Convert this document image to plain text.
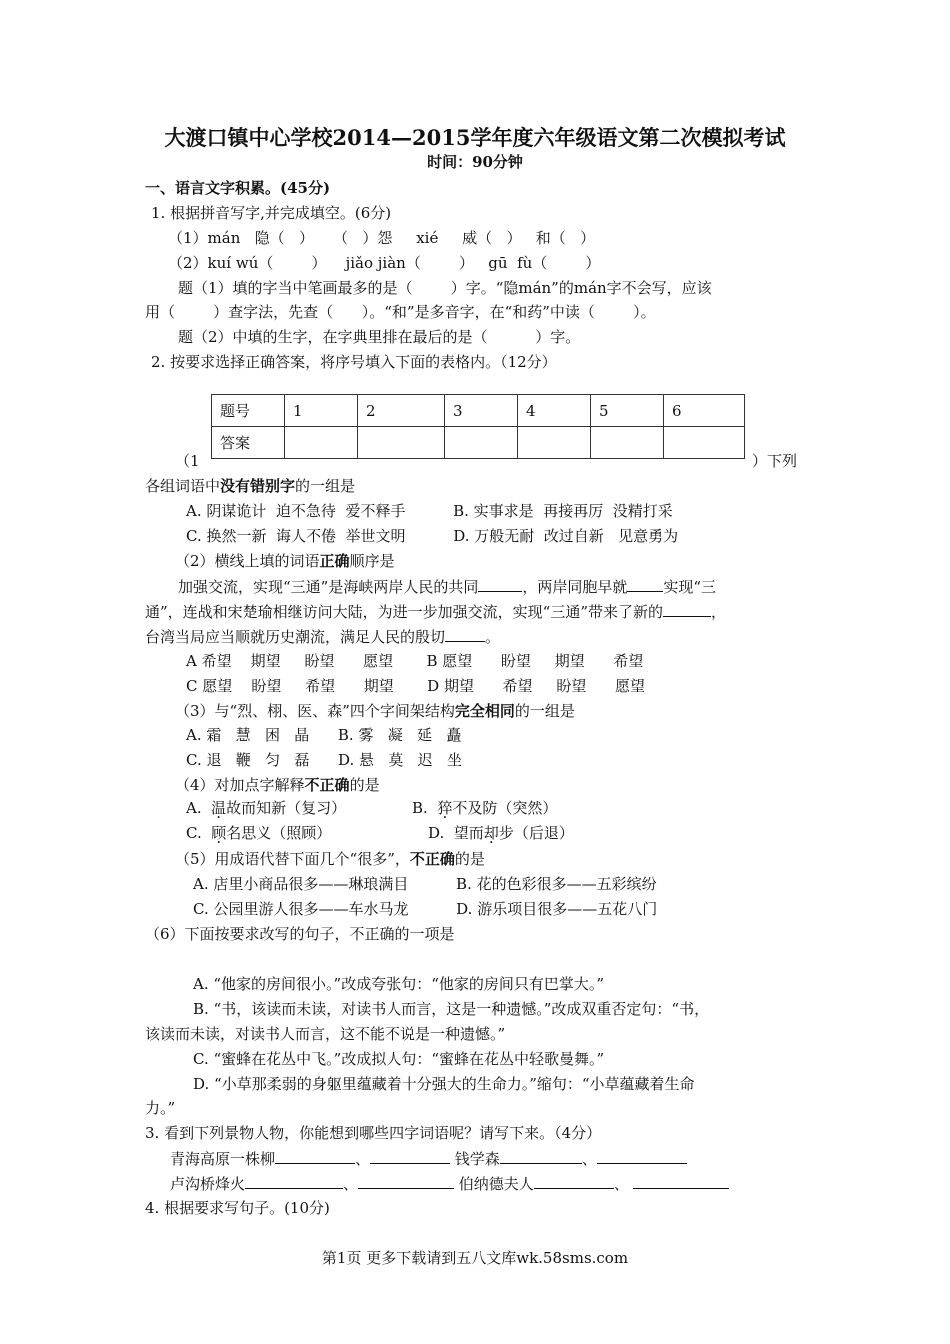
大渡口镇中心学校2014—2015学年度六年级语文第二次模拟考试
时间：90分钟
一、语言文字积累。(45分)
1. 根据拼音写字,并完成填空。(6分)
（1）mán   隐（   ）    （   ）怨     xié     威（   ）   和（   ）
（2）kuí wú（        ）    jiǎo jiàn（        ）   gū  fù（        ）
题（1）填的字当中笔画最多的是（        ）字。“隐mán”的mán字不会写，应该
用（        ）查字法，先查（      ）。“和”是多音字，在“和药”中读（        ）。
题（2）中填的生字，在字典里排在最后的是（          ）字。
2. 按要求选择正确答案，将序号填入下面的表格内。（12分）
题号	1	2	3	4	5	6
答案						
（1	）下列
各组词语中没有错别字的一组是
A. 阴谋诡计  迫不急待  爱不释手          B. 实事求是  再接再厉  没精打采
C. 换然一新  诲人不倦  举世文明          D. 万般无耐  改过自新   见意勇为
（2）横线上填的词语正确顺序是
加强交流，实现“三通”是海峡两岸人民的共同	，两岸同胞早就 实现“三
通”，连战和宋楚瑜相继访问大陆，为进一步加强交流，实现“三通”带来了新的	，
台湾当局应当顺就历史潮流，满足人民的殷切	。
A 希望    期望     盼望      愿望       B 愿望      盼望     期望      希望
C 愿望    盼望     希望      期望       D 期望      希望     盼望      愿望
（3）与“烈、栩、医、森”四个字间架结构完全相同的一组是
A. 霜   慧   困   晶      B. 雾   凝   延   矗
C. 退   鞭   匀   磊      D. 悬   莫   迟   坐
（4）对加点字解释不正确的是
A.  温故而知新（复习）	B.  猝不及防（突然）
C.  顾名思义（照顾）	D.  望而却步（后退）
（5）用成语代替下面几个“很多”，不正确的是
A. 店里小商品很多——琳琅满目          B. 花的色彩很多——五彩缤纷
C. 公园里游人很多——车水马龙          D. 游乐项目很多——五花八门
（6）下面按要求改写的句子，不正确的一项是
A. “他家的房间很小。”改成夸张句：“他家的房间只有巴掌大。”
B. “书，该读而未读，对读书人而言，这是一种遗憾。”改成双重否定句：“书，
该读而未读，对读书人而言，这不能不说是一种遗憾。”
C. “蜜蜂在花丛中飞。”改成拟人句：“蜜蜂在花丛中轻歌曼舞。”
D. “小草那柔弱的身躯里蕴藏着十分强大的生命力。”缩句：“小草蕴藏着生命
力。”
3. 看到下列景物人物，你能想到哪些四字词语呢？请写下来。（4分）
青海高原一株柳	、	钱学森	、
卢沟桥烽火	、	伯纳德夫人	、
4. 根据要求写句子。(10分)
第1页 更多下载请到五八文库wk.58sms.com
